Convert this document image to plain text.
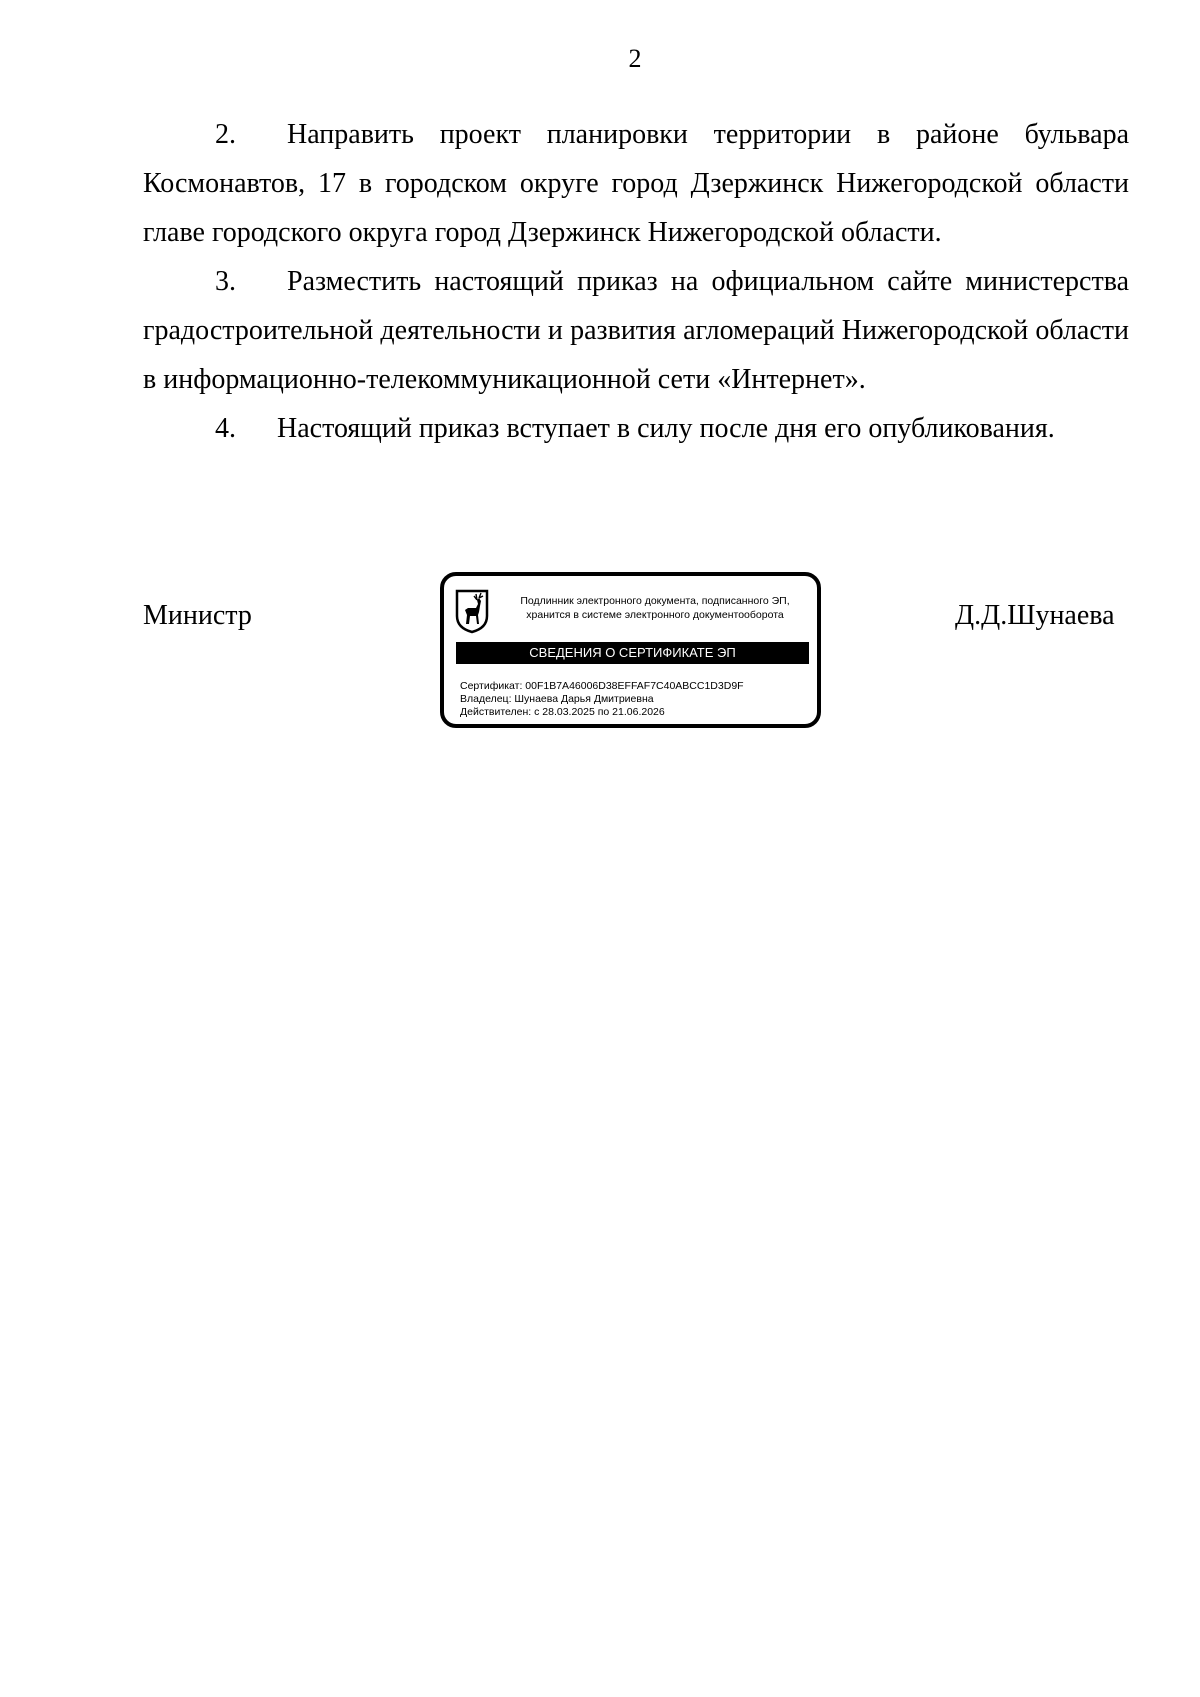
2

2. Направить проект планировки территории в районе бульвара Космонавтов, 17 в городском округе город Дзержинск Нижегородской области главе городского округа город Дзержинск Нижегородской области.

3. Разместить настоящий приказ на официальном сайте министерства градостроительной деятельности и развития агломераций Нижегородской области в информационно-телекоммуникационной сети «Интернет».

4. Настоящий приказ вступает в силу после дня его опубликования.

Министр	Д.Д.Шунаева
Подлинник электронного документа, подписанного ЭП,
хранится в системе электронного документооборота
СВЕДЕНИЯ О СЕРТИФИКАТЕ ЭП
Сертификат: 00F1B7A46006D38EFFAF7C40ABCC1D3D9F
Владелец: Шунаева Дарья Дмитриевна
Действителен: с 28.03.2025 по 21.06.2026
